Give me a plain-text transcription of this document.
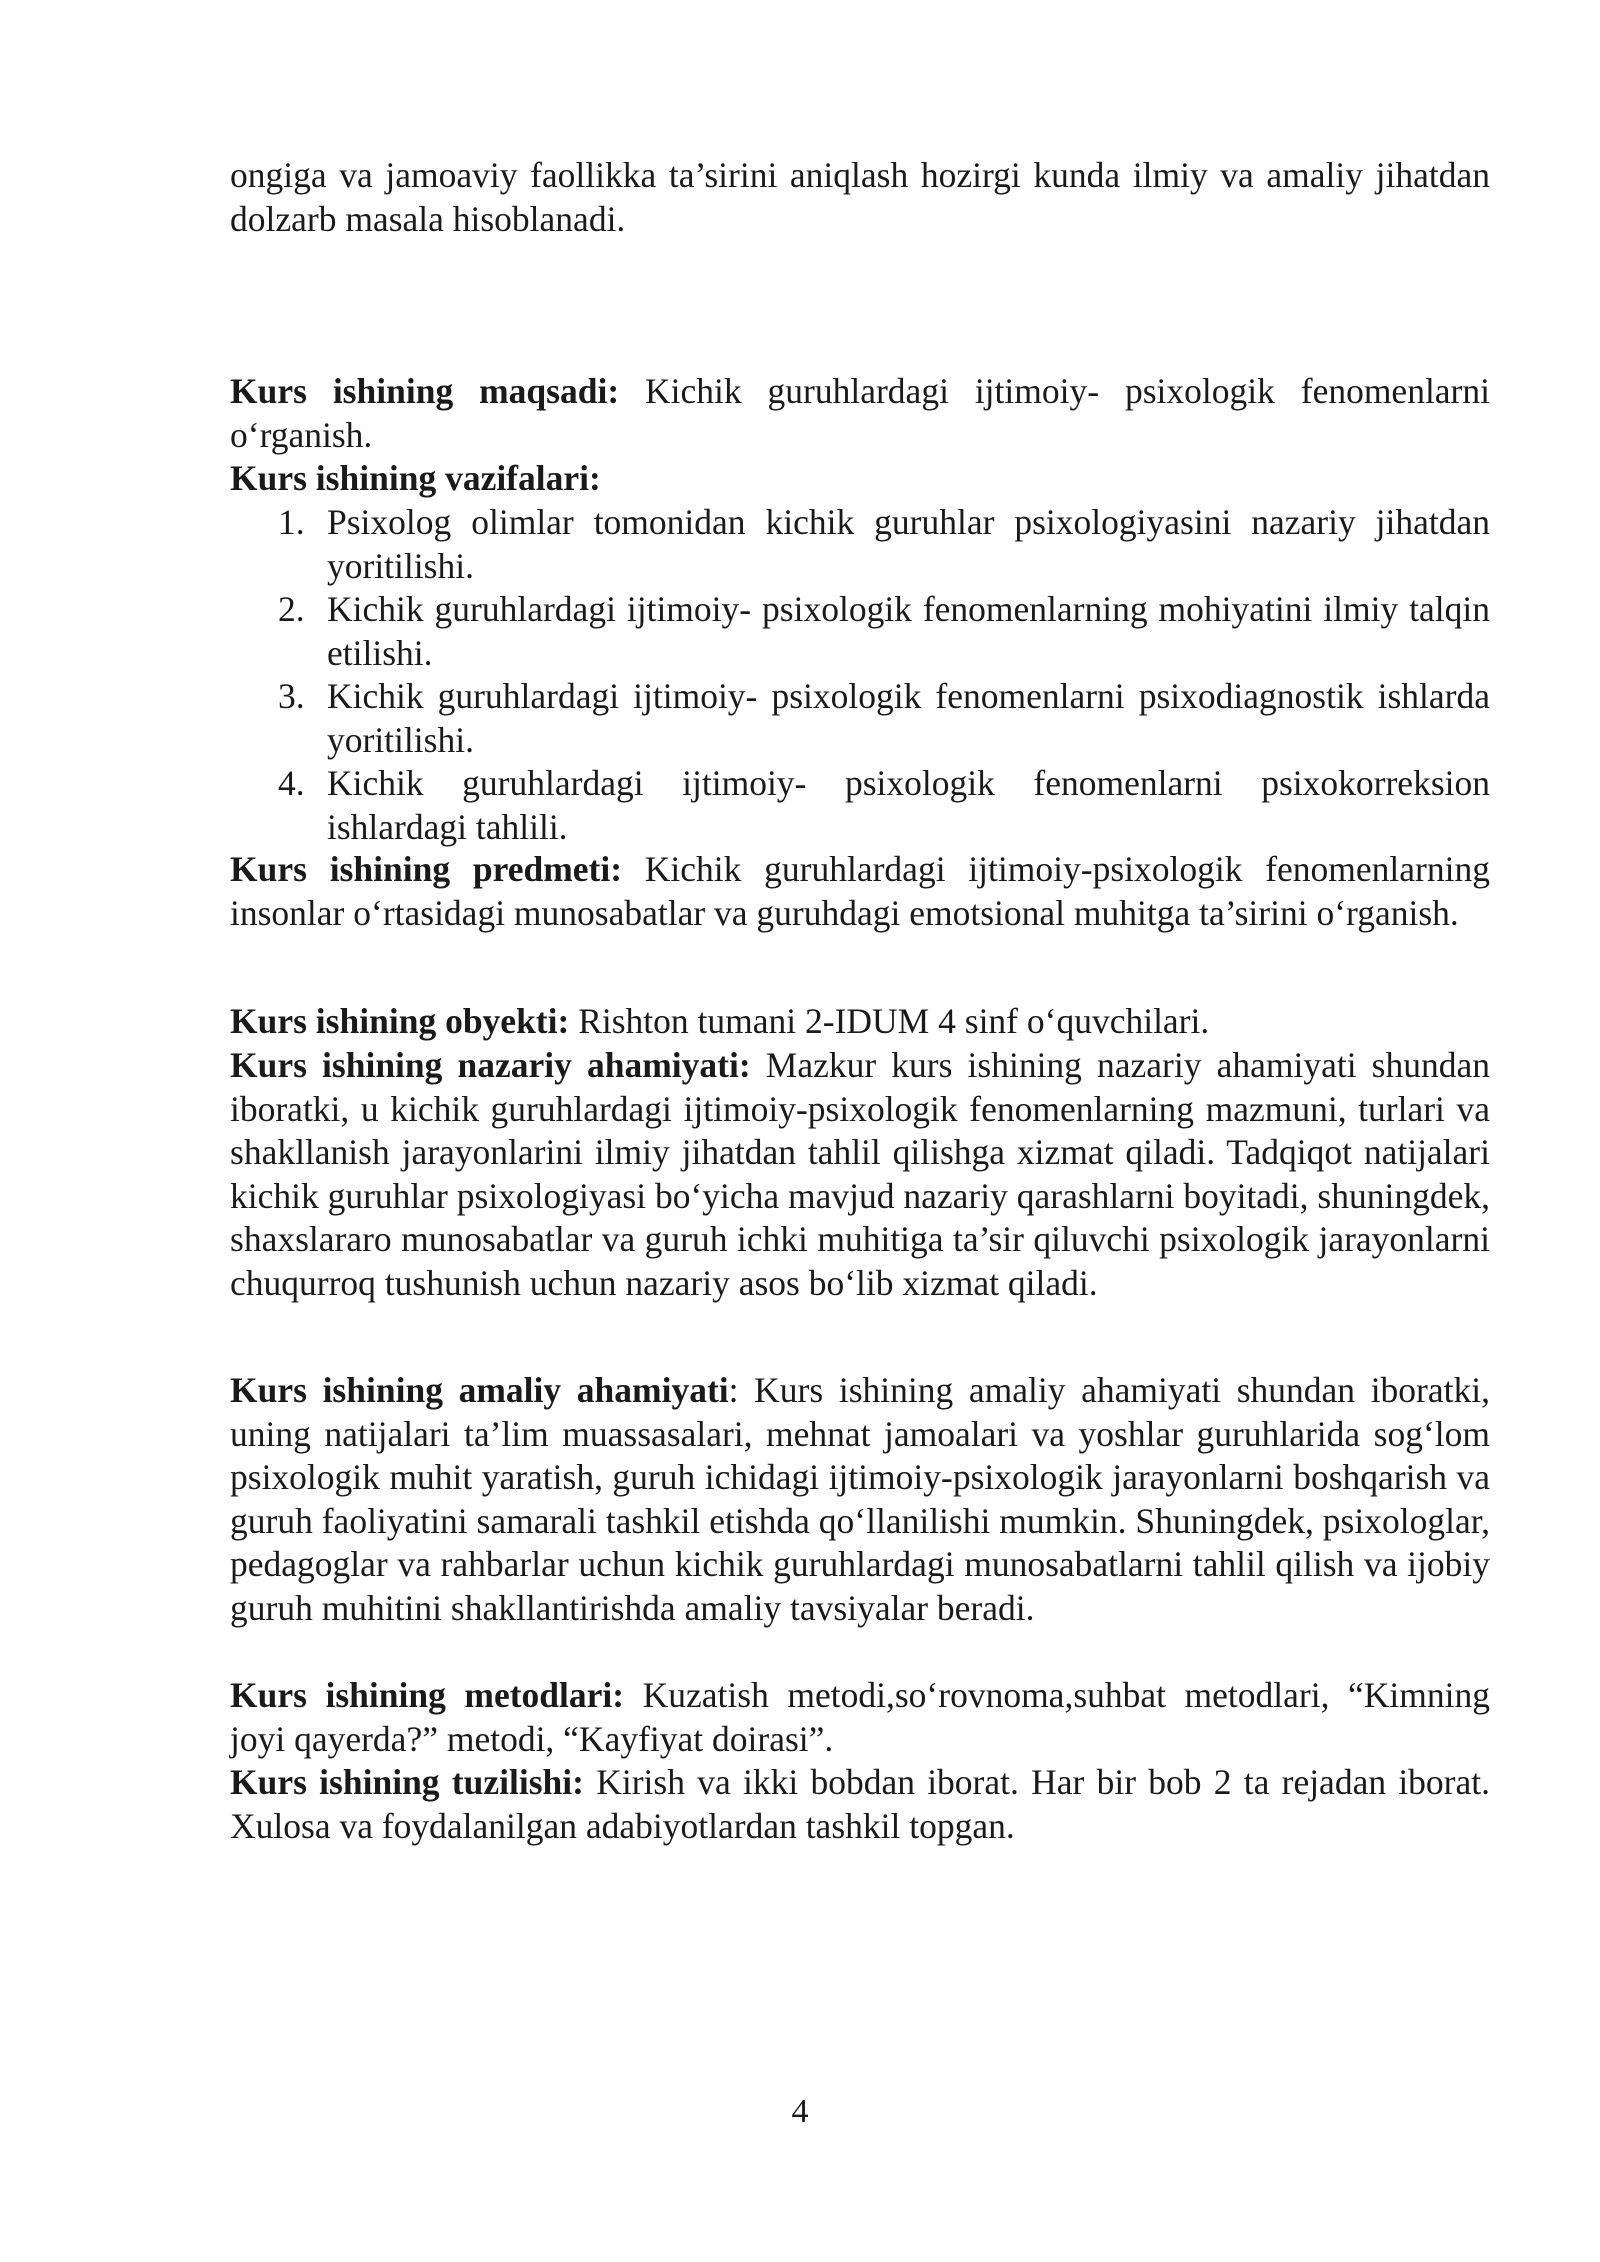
ongiga va jamoaviy faollikka ta’sirini aniqlash hozirgi kunda ilmiy va amaliy jihatdan dolzarb masala hisoblanadi.

Kurs ishining maqsadi: Kichik guruhlardagi ijtimoiy- psixologik fenomenlarni o‘rganish.

Kurs ishining vazifalari:

1. Psixolog olimlar tomonidan kichik guruhlar psixologiyasini nazariy jihatdan yoritilishi.
2. Kichik guruhlardagi ijtimoiy- psixologik fenomenlarning mohiyatini ilmiy talqin etilishi.
3. Kichik guruhlardagi ijtimoiy- psixologik fenomenlarni psixodiagnostik ishlarda yoritilishi.
4. Kichik guruhlardagi ijtimoiy- psixologik fenomenlarni psixokorreksion ishlardagi tahlili.

Kurs ishining predmeti: Kichik guruhlardagi ijtimoiy-psixologik fenomenlarning insonlar o‘rtasidagi munosabatlar va guruhdagi emotsional muhitga ta’sirini o‘rganish.

Kurs ishining obyekti: Rishton tumani 2-IDUM 4 sinf o‘quvchilari.

Kurs ishining nazariy ahamiyati: Mazkur kurs ishining nazariy ahamiyati shundan iboratki, u kichik guruhlardagi ijtimoiy-psixologik fenomenlarning mazmuni, turlari va shakllanish jarayonlarini ilmiy jihatdan tahlil qilishga xizmat qiladi. Tadqiqot natijalari kichik guruhlar psixologiyasi bo‘yicha mavjud nazariy qarashlarni boyitadi, shuningdek, shaxslararo munosabatlar va guruh ichki muhitiga ta’sir qiluvchi psixologik jarayonlarni chuqurroq tushunish uchun nazariy asos bo‘lib xizmat qiladi.

Kurs ishining amaliy ahamiyati: Kurs ishining amaliy ahamiyati shundan iboratki, uning natijalari ta’lim muassasalari, mehnat jamoalari va yoshlar guruhlarida sog‘lom psixologik muhit yaratish, guruh ichidagi ijtimoiy-psixologik jarayonlarni boshqarish va guruh faoliyatini samarali tashkil etishda qo‘llanilishi mumkin. Shuningdek, psixologlar, pedagoglar va rahbarlar uchun kichik guruhlardagi munosabatlarni tahlil qilish va ijobiy guruh muhitini shakllantirishda amaliy tavsiyalar beradi.

Kurs ishining metodlari: Kuzatish metodi,so‘rovnoma,suhbat metodlari, “Kimning joyi qayerda?” metodi, “Kayfiyat doirasi”.

Kurs ishining tuzilishi: Kirish va ikki bobdan iborat. Har bir bob 2 ta rejadan iborat. Xulosa va foydalanilgan adabiyotlardan tashkil topgan.

4
